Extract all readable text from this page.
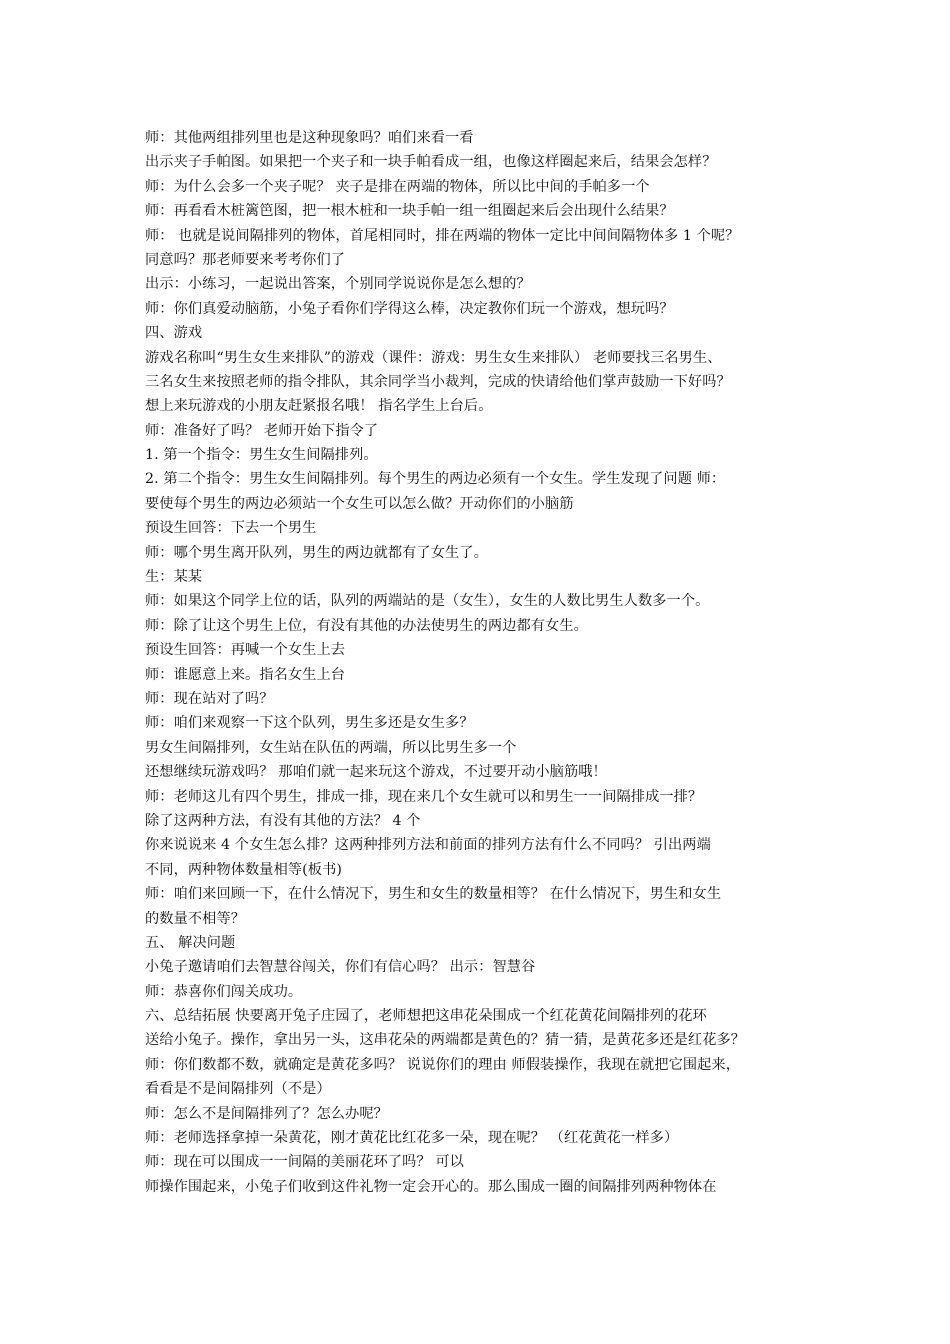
师：其他两组排列里也是这种现象吗？咱们来看一看
出示夹子手帕图。如果把一个夹子和一块手帕看成一组，也像这样圈起来后，结果会怎样？
师：为什么会多一个夹子呢？ 夹子是排在两端的物体，所以比中间的手帕多一个
师：再看看木桩篱笆图，把一根木桩和一块手帕一组一组圈起来后会出现什么结果？
师： 也就是说间隔排列的物体，首尾相同时，排在两端的物体一定比中间间隔物体多 1 个呢？
同意吗？那老师要来考考你们了
出示：小练习，一起说出答案，个别同学说说你是怎么想的？
师：你们真爱动脑筋，小兔子看你们学得这么棒，决定教你们玩一个游戏，想玩吗？
四、游戏
游戏名称叫“男生女生来排队”的游戏（课件：游戏：男生女生来排队） 老师要找三名男生、
三名女生来按照老师的指令排队，其余同学当小裁判，完成的快请给他们掌声鼓励一下好吗？
想上来玩游戏的小朋友赶紧报名哦！ 指名学生上台后。
师：准备好了吗？ 老师开始下指令了
1. 第一个指令：男生女生间隔排列。
2. 第二个指令：男生女生间隔排列。每个男生的两边必须有一个女生。学生发现了问题 师：
要使每个男生的两边必须站一个女生可以怎么做？开动你们的小脑筋
预设生回答：下去一个男生
师：哪个男生离开队列，男生的两边就都有了女生了。
生：某某
师：如果这个同学上位的话，队列的两端站的是（女生），女生的人数比男生人数多一个。
师：除了让这个男生上位，有没有其他的办法使男生的两边都有女生。
预设生回答：再喊一个女生上去
师：谁愿意上来。指名女生上台
师：现在站对了吗？
师：咱们来观察一下这个队列，男生多还是女生多？
男女生间隔排列，女生站在队伍的两端，所以比男生多一个
还想继续玩游戏吗？ 那咱们就一起来玩这个游戏，不过要开动小脑筋哦！
师：老师这儿有四个男生，排成一排，现在来几个女生就可以和男生一一间隔排成一排？
除了这两种方法，有没有其他的方法？ 4 个
你来说说来 4 个女生怎么排？这两种排列方法和前面的排列方法有什么不同吗？ 引出两端
不同，两种物体数量相等(板书)
师：咱们来回顾一下，在什么情况下，男生和女生的数量相等？ 在什么情况下，男生和女生
的数量不相等？
五、 解决问题
小兔子邀请咱们去智慧谷闯关，你们有信心吗？ 出示：智慧谷
师：恭喜你们闯关成功。
六、总结拓展 快要离开兔子庄园了，老师想把这串花朵围成一个红花黄花间隔排列的花环
送给小兔子。操作，拿出另一头，这串花朵的两端都是黄色的？猜一猜，是黄花多还是红花多？
师：你们数都不数，就确定是黄花多吗？ 说说你们的理由 师假装操作，我现在就把它围起来，
看看是不是间隔排列（不是）
师：怎么不是间隔排列了？怎么办呢？
师：老师选择拿掉一朵黄花，刚才黄花比红花多一朵，现在呢？ （红花黄花一样多）
师：现在可以围成一一间隔的美丽花环了吗？ 可以
师操作围起来，小兔子们收到这件礼物一定会开心的。那么围成一圈的间隔排列两种物体在
